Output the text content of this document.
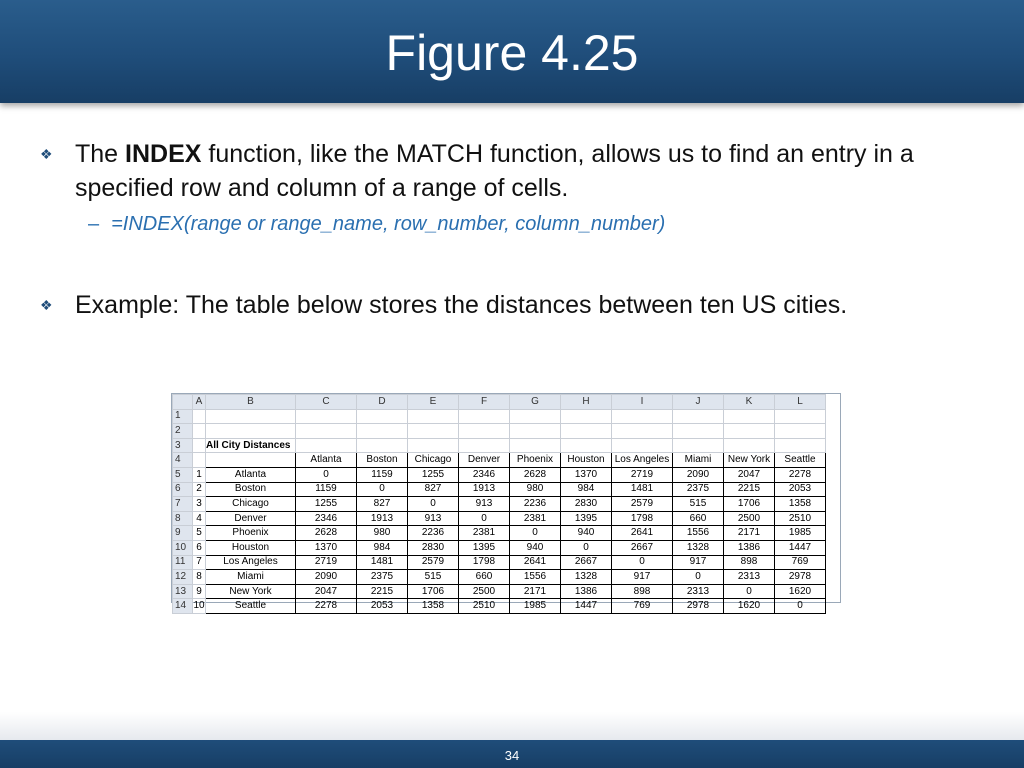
Figure 4.25
❖ The INDEX function, like the MATCH function, allows us to find an entry in a specified row and column of a range of cells.
– =INDEX(range or range_name, row_number, column_number)
❖ Example: The table below stores the distances between ten US cities.
	A	B	C	D	E	F	G	H	I	J	K	L
1												
2												
3		All City Distances										
4			Atlanta	Boston	Chicago	Denver	Phoenix	Houston	Los Angeles	Miami	New York	Seattle
5	1	Atlanta	0	1159	1255	2346	2628	1370	2719	2090	2047	2278
6	2	Boston	1159	0	827	1913	980	984	1481	2375	2215	2053
7	3	Chicago	1255	827	0	913	2236	2830	2579	515	1706	1358
8	4	Denver	2346	1913	913	0	2381	1395	1798	660	2500	2510
9	5	Phoenix	2628	980	2236	2381	0	940	2641	1556	2171	1985
10	6	Houston	1370	984	2830	1395	940	0	2667	1328	1386	1447
11	7	Los Angeles	2719	1481	2579	1798	2641	2667	0	917	898	769
12	8	Miami	2090	2375	515	660	1556	1328	917	0	2313	2978
13	9	New York	2047	2215	1706	2500	2171	1386	898	2313	0	1620
14	10	Seattle	2278	2053	1358	2510	1985	1447	769	2978	1620	0
34
